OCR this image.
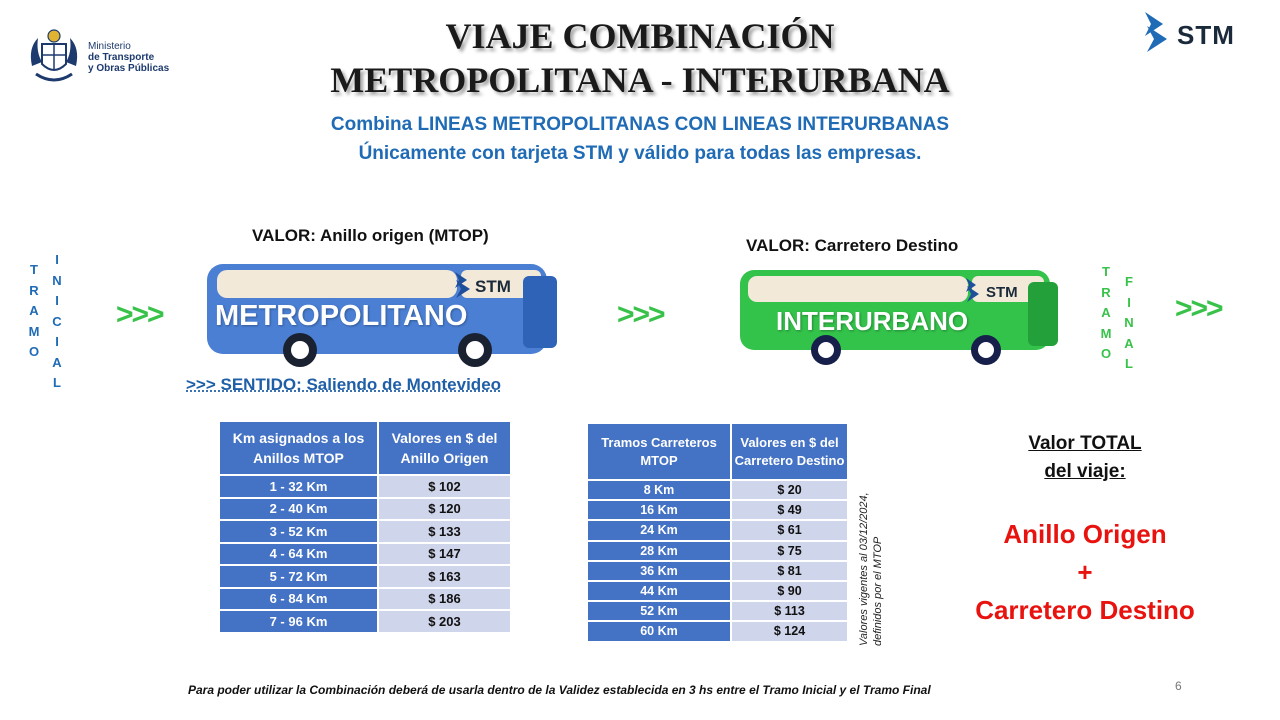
Ministerio
de Transporte
y Obras Públicas
STM
VIAJE COMBINACIÓN
METROPOLITANA - INTERURBANA
Combina LINEAS METROPOLITANAS CON LINEAS INTERURBANAS
Únicamente con tarjeta STM y válido para todas las empresas.
T
R
A
M
O
I
N
I
C
I
A
L
T
R
A
M
O
F
I
N
A
L
>>>	>>>	>>>
VALOR: Anillo origen (MTOP)
VALOR: Carretero Destino
STM
METROPOLITANO
>>> SENTIDO: Saliendo de Montevideo
STM
INTERURBANO
Km asignados a los Anillos MTOP	Valores en $ del Anillo Origen
1 - 32 Km	$ 102
2 - 40 Km	$ 120
3 - 52 Km	$ 133
4 - 64 Km	$ 147
5 - 72 Km	$ 163
6 - 84 Km	$ 186
7 - 96 Km	$ 203
Tramos Carreteros MTOP	Valores en $ del Carretero Destino
8 Km	$ 20
16 Km	$ 49
24 Km	$ 61
28 Km	$ 75
36 Km	$ 81
44 Km	$ 90
52 Km	$ 113
60 Km	$ 124	Valores vigentes al 03/12/2024, definidos por el MTOP
Valor TOTAL
del viaje:
Anillo Origen
+
Carretero Destino
Para poder utilizar la Combinación deberá de usarla dentro de la Validez establecida en 3 hs entre el Tramo Inicial y el Tramo Final	6
